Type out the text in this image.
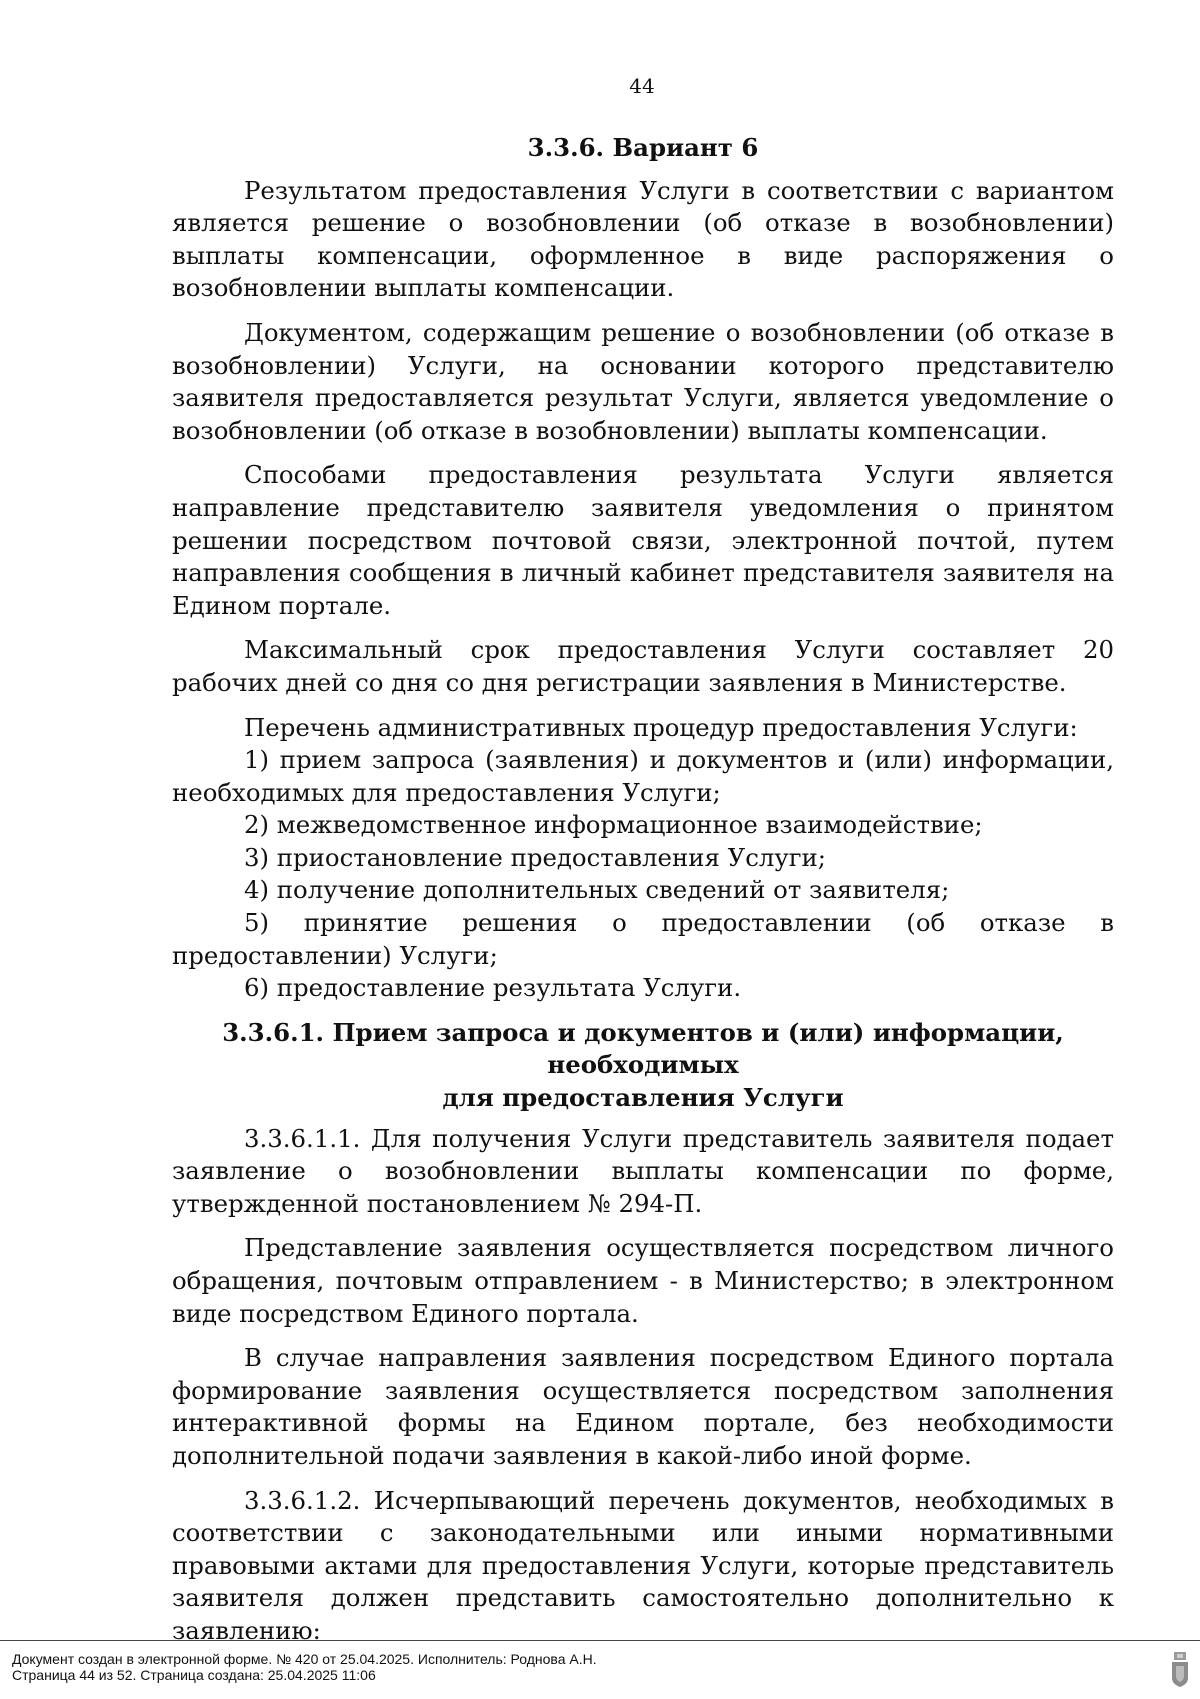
44
3.3.6. Вариант 6
Результатом предоставления Услуги в соответствии с вариантом является решение о возобновлении (об отказе в возобновлении) выплаты компенсации, оформленное в виде распоряжения о возобновлении выплаты компенсации.
Документом, содержащим решение о возобновлении (об отказе в возобновлении) Услуги, на основании которого представителю заявителя предоставляется результат Услуги, является уведомление о возобновлении (об отказе в возобновлении) выплаты компенсации.
Способами предоставления результата Услуги является направление представителю заявителя уведомления о принятом решении посредством почтовой связи, электронной почтой, путем направления сообщения в личный кабинет представителя заявителя на Едином портале.
Максимальный срок предоставления Услуги составляет 20 рабочих дней со дня со дня регистрации заявления в Министерстве.
Перечень административных процедур предоставления Услуги:
1) прием запроса (заявления) и документов и (или) информации, необходимых для предоставления Услуги;
2) межведомственное информационное взаимодействие;
3) приостановление предоставления Услуги;
4) получение дополнительных сведений от заявителя;
5) принятие решения о предоставлении (об отказе в предоставлении) Услуги;
6) предоставление результата Услуги.
3.3.6.1. Прием запроса и документов и (или) информации, необходимых
для предоставления Услуги
3.3.6.1.1. Для получения Услуги представитель заявителя подает заявление о возобновлении выплаты компенсации по форме, утвержденной постановлением № 294-П.
Представление заявления осуществляется посредством личного обращения, почтовым отправлением - в Министерство; в электронном виде посредством Единого портала.
В случае направления заявления посредством Единого портала формирование заявления осуществляется посредством заполнения интерактивной формы на Едином портале, без необходимости дополнительной подачи заявления в какой-либо иной форме.
3.3.6.1.2. Исчерпывающий перечень документов, необходимых в соответствии с законодательными или иными нормативными правовыми актами для предоставления Услуги, которые представитель заявителя должен представить самостоятельно дополнительно к заявлению:
Документ создан в электронной форме. № 420 от 25.04.2025. Исполнитель: Роднова А.Н.
Страница 44 из 52. Страница создана: 25.04.2025 11:06
